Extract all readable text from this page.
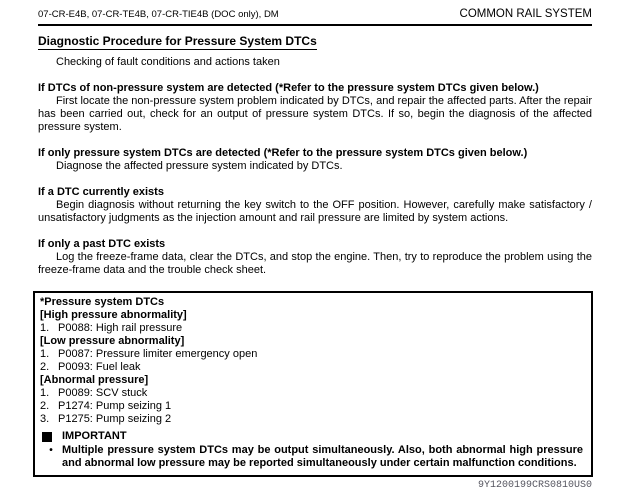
07-CR-E4B, 07-CR-TE4B, 07-CR-TIE4B (DOC only), DM	COMMON RAIL SYSTEM
Diagnostic Procedure for Pressure System DTCs
Checking of fault conditions and actions taken
If DTCs of non-pressure system are detected (*Refer to the pressure system DTCs given below.)

First locate the non-pressure system problem indicated by DTCs, and repair the affected parts. After the repair has been carried out, check for an output of pressure system DTCs. If so, begin the diagnosis of the affected pressure system.

If only pressure system DTCs are detected (*Refer to the pressure system DTCs given below.)

Diagnose the affected pressure system indicated by DTCs.

If a DTC currently exists

Begin diagnosis without returning the key switch to the OFF position. However, carefully make satisfactory / unsatisfactory judgments as the injection amount and rail pressure are limited by system actions.

If only a past DTC exists

Log the freeze-frame data, clear the DTCs, and stop the engine. Then, try to reproduce the problem using the freeze-frame data and the trouble check sheet.

*Pressure system DTCs
[High pressure abnormality]
1. P0088: High rail pressure
[Low pressure abnormality]
1. P0087: Pressure limiter emergency open
2. P0093: Fuel leak
[Abnormal pressure]
1. P0089: SCV stuck
2. P1274: Pump seizing 1
3. P1275: Pump seizing 2
IMPORTANT
• Multiple pressure system DTCs may be output simultaneously. Also, both abnormal high pressure and abnormal low pressure may be reported simultaneously under certain malfunction conditions.
9Y1200199CRS0810US0
